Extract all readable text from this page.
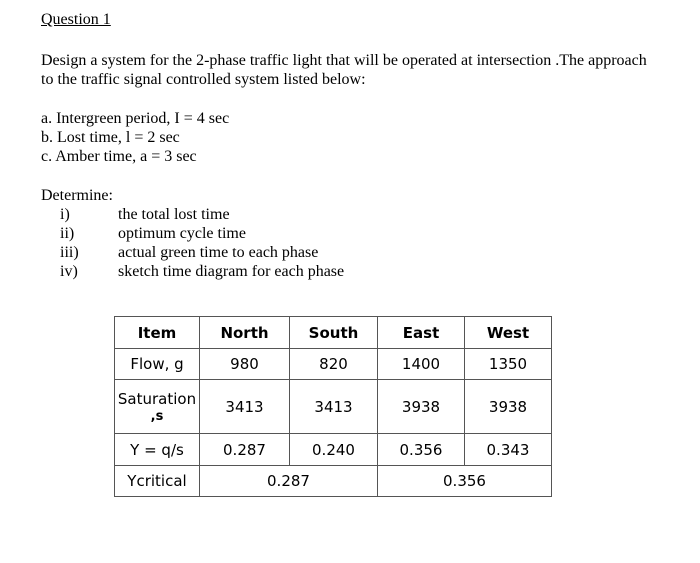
Question 1
Design a system for the 2-phase traffic light that will be operated at intersection .The approach
to the traffic signal controlled system listed below:
a. Intergreen period, I = 4 sec
b. Lost time, l = 2 sec
c. Amber time, a = 3 sec
Determine:
i)	the total lost time
ii)	optimum cycle time
iii)	actual green time to each phase
iv)	sketch time diagram for each phase
Item	North	South	East	West
Flow, g	980	820	1400	1350

Saturation
,s	3413	3413	3938	3938
Y = q/s	0.287	0.240	0.356	0.343
Ycritical	0.287		0.356	
